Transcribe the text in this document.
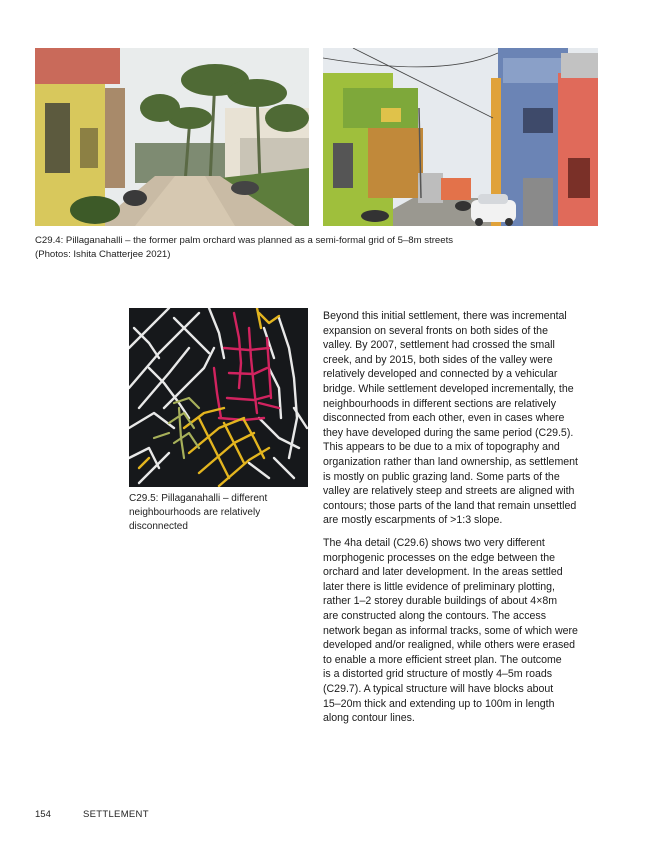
C29.4: Pillaganahalli – the former palm orchard was planned as a semi-formal grid of 5–8m streets
(Photos: Ishita Chatterjee 2021)
C29.5: Pillaganahalli – different
neighbourhoods are relatively
disconnected
Beyond this initial settlement, there was incremental
expansion on several fronts on both sides of the
valley. By 2007, settlement had crossed the small
creek, and by 2015, both sides of the valley were
relatively developed and connected by a vehicular
bridge. While settlement developed incrementally, the
neighbourhoods in different sections are relatively
disconnected from each other, even in cases where
they have developed during the same period (C29.5).
This appears to be due to a mix of topography and
organization rather than land ownership, as settlement
is mostly on public grazing land. Some parts of the
valley are relatively steep and streets are aligned with
contours; those parts of the land that remain unsettled
are mostly escarpments of >1:3 slope.
The 4ha detail (C29.6) shows two very different
morphogenic processes on the edge between the
orchard and later development. In the areas settled
later there is little evidence of preliminary plotting,
rather 1–2 storey durable buildings of about 4×8m
are constructed along the contours. The access
network began as informal tracks, some of which were
developed and/or realigned, while others were erased
to enable a more efficient street plan. The outcome
is a distorted grid structure of mostly 4–5m roads
(C29.7). A typical structure will have blocks about
15–20m thick and extending up to 100m in length
along contour lines.
154	SETTLEMENT
